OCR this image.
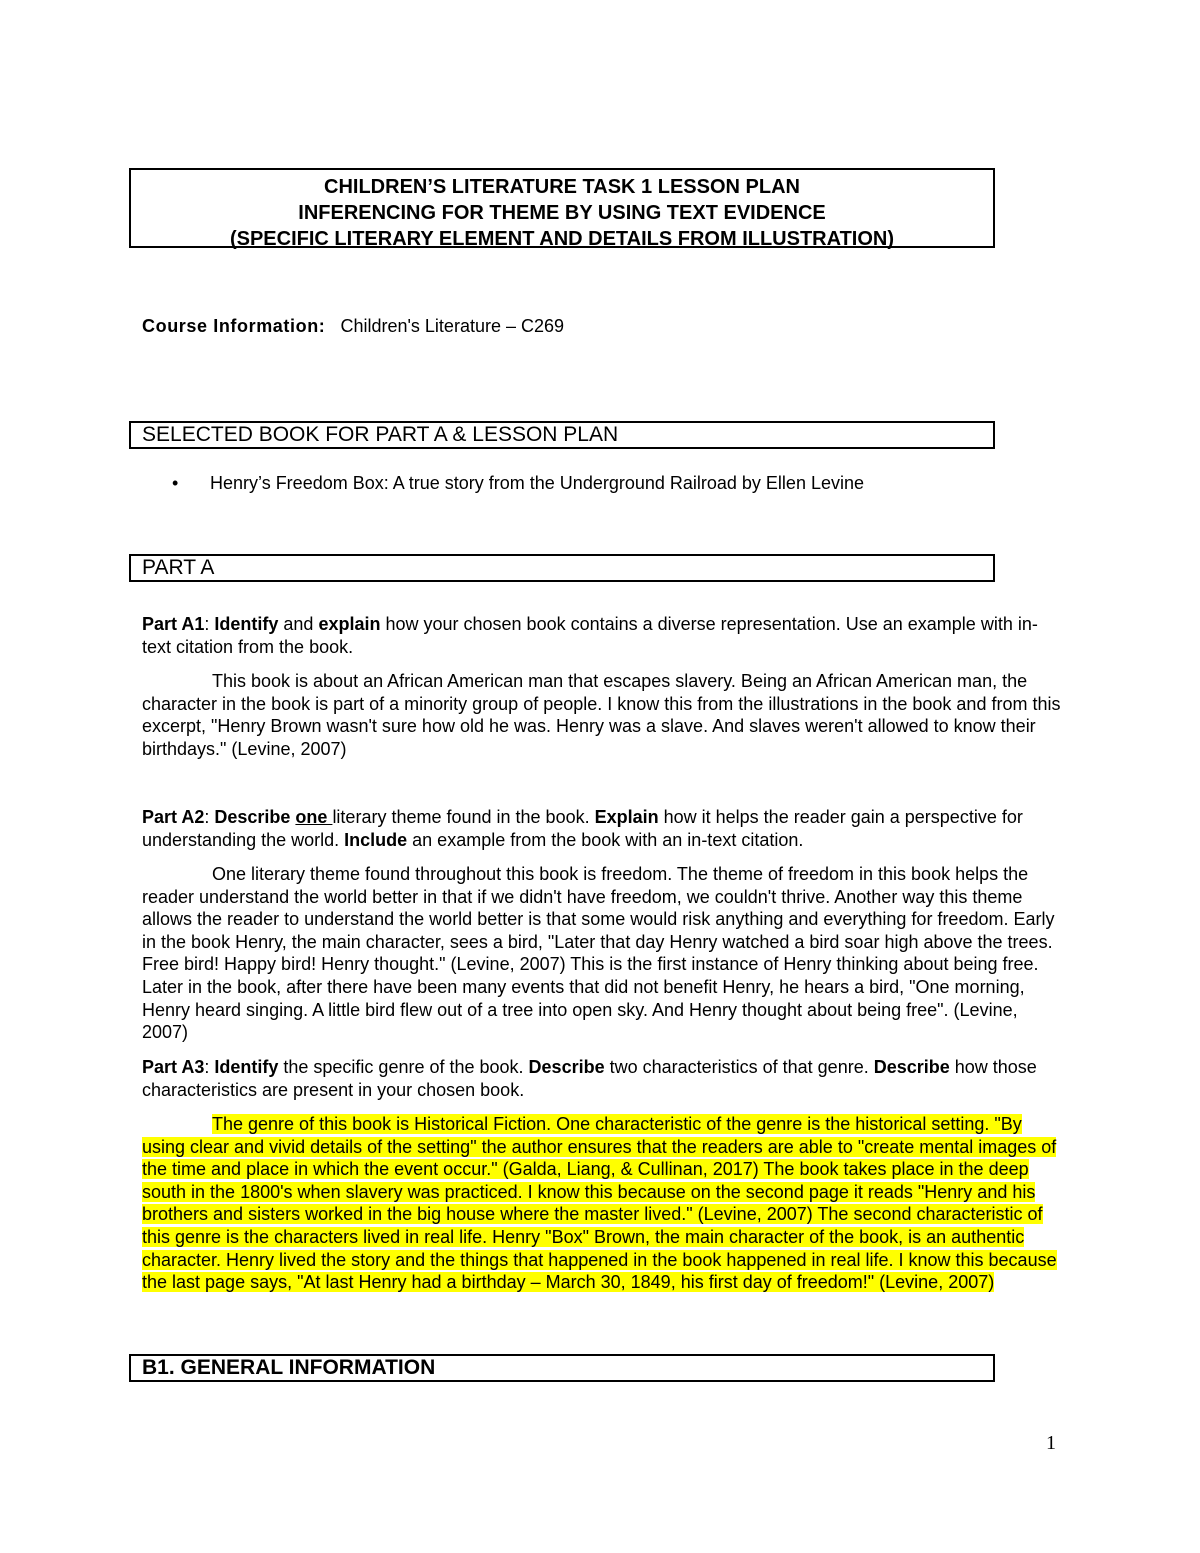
CHILDREN’S LITERATURE TASK 1 LESSON PLAN
INFERENCING FOR THEME BY USING TEXT EVIDENCE
(SPECIFIC LITERARY ELEMENT AND DETAILS FROM ILLUSTRATION)
Course Information: Children's Literature – C269
SELECTED BOOK FOR PART A & LESSON PLAN
• Henry’s Freedom Box: A true story from the Underground Railroad by Ellen Levine
PART A

Part A1: Identify and explain how your chosen book contains a diverse representation. Use an example with in-text citation from the book.

This book is about an African American man that escapes slavery. Being an African American man, the character in the book is part of a minority group of people. I know this from the illustrations in the book and from this excerpt, "Henry Brown wasn't sure how old he was. Henry was a slave. And slaves weren't allowed to know their birthdays." (Levine, 2007)

Part A2: Describe one literary theme found in the book. Explain how it helps the reader gain a perspective for understanding the world. Include an example from the book with an in-text citation.

One literary theme found throughout this book is freedom. The theme of freedom in this book helps the reader understand the world better in that if we didn't have freedom, we couldn't thrive. Another way this theme allows the reader to understand the world better is that some would risk anything and everything for freedom. Early in the book Henry, the main character, sees a bird, "Later that day Henry watched a bird soar high above the trees. Free bird! Happy bird! Henry thought." (Levine, 2007) This is the first instance of Henry thinking about being free. Later in the book, after there have been many events that did not benefit Henry, he hears a bird, "One morning, Henry heard singing. A little bird flew out of a tree into open sky. And Henry thought about being free". (Levine, 2007)

Part A3: Identify the specific genre of the book. Describe two characteristics of that genre. Describe how those characteristics are present in your chosen book.

The genre of this book is Historical Fiction. One characteristic of the genre is the historical setting. "By using clear and vivid details of the setting" the author ensures that the readers are able to "create mental images of the time and place in which the event occur." (Galda, Liang, & Cullinan, 2017) The book takes place in the deep south in the 1800's when slavery was practiced. I know this because on the second page it reads "Henry and his brothers and sisters worked in the big house where the master lived." (Levine, 2007) The second characteristic of this genre is the characters lived in real life. Henry "Box" Brown, the main character of the book, is an authentic character. Henry lived the story and the things that happened in the book happened in real life. I know this because the last page says, "At last Henry had a birthday – March 30, 1849, his first day of freedom!" (Levine, 2007)

B1. GENERAL INFORMATION
1
